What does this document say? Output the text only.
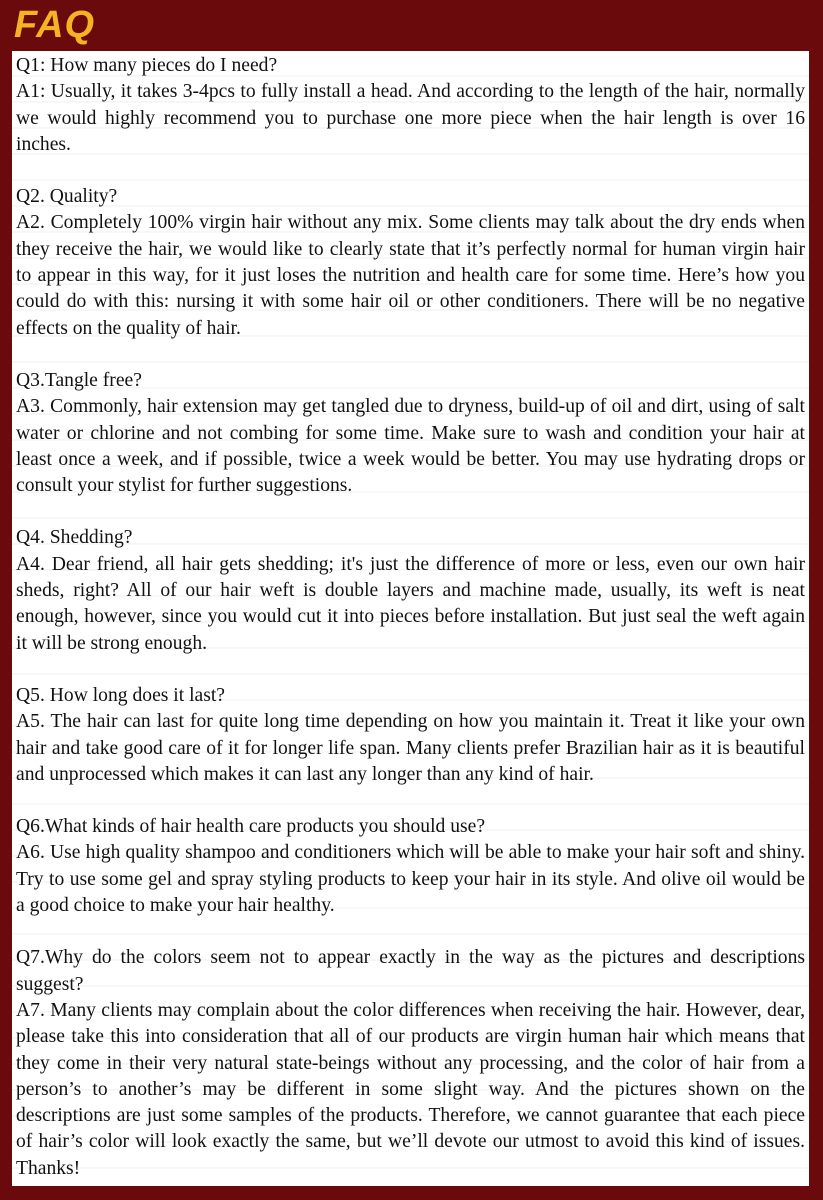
FAQ

Q1: How many pieces do I need?

A1: Usually, it takes 3-4pcs to fully install a head. And according to the length of the hair, normally we would highly recommend you to purchase one more piece when the hair length is over 16 inches.

Q2. Quality?

A2. Completely 100% virgin hair without any mix. Some clients may talk about the dry ends when they receive the hair, we would like to clearly state that it’s perfectly normal for human virgin hair to appear in this way, for it just loses the nutrition and health care for some time. Here’s how you could do with this: nursing it with some hair oil or other conditioners. There will be no negative effects on the quality of hair.

Q3.Tangle free?

A3. Commonly, hair extension may get tangled due to dryness, build-up of oil and dirt, using of salt water or chlorine and not combing for some time. Make sure to wash and condition your hair at least once a week, and if possible, twice a week would be better. You may use hydrating drops or consult your stylist for further suggestions.

Q4. Shedding?

A4. Dear friend, all hair gets shedding; it's just the difference of more or less, even our own hair sheds, right? All of our hair weft is double layers and machine made, usually, its weft is neat enough, however, since you would cut it into pieces before installation. But just seal the weft again it will be strong enough.

Q5. How long does it last?

A5. The hair can last for quite long time depending on how you maintain it. Treat it like your own hair and take good care of it for longer life span. Many clients prefer Brazilian hair as it is beautiful and unprocessed which makes it can last any longer than any kind of hair.

Q6.What kinds of hair health care products you should use?

A6. Use high quality shampoo and conditioners which will be able to make your hair soft and shiny. Try to use some gel and spray styling products to keep your hair in its style. And olive oil would be a good choice to make your hair healthy.

Q7.Why do the colors seem not to appear exactly in the way as the pictures and descriptions suggest?

A7. Many clients may complain about the color differences when receiving the hair. However, dear, please take this into consideration that all of our products are virgin human hair which means that they come in their very natural state-beings without any processing, and the color of hair from a person’s to another’s may be different in some slight way. And the pictures shown on the descriptions are just some samples of the products. Therefore, we cannot guarantee that each piece of hair’s color will look exactly the same, but we’ll devote our utmost to avoid this kind of issues. Thanks!
